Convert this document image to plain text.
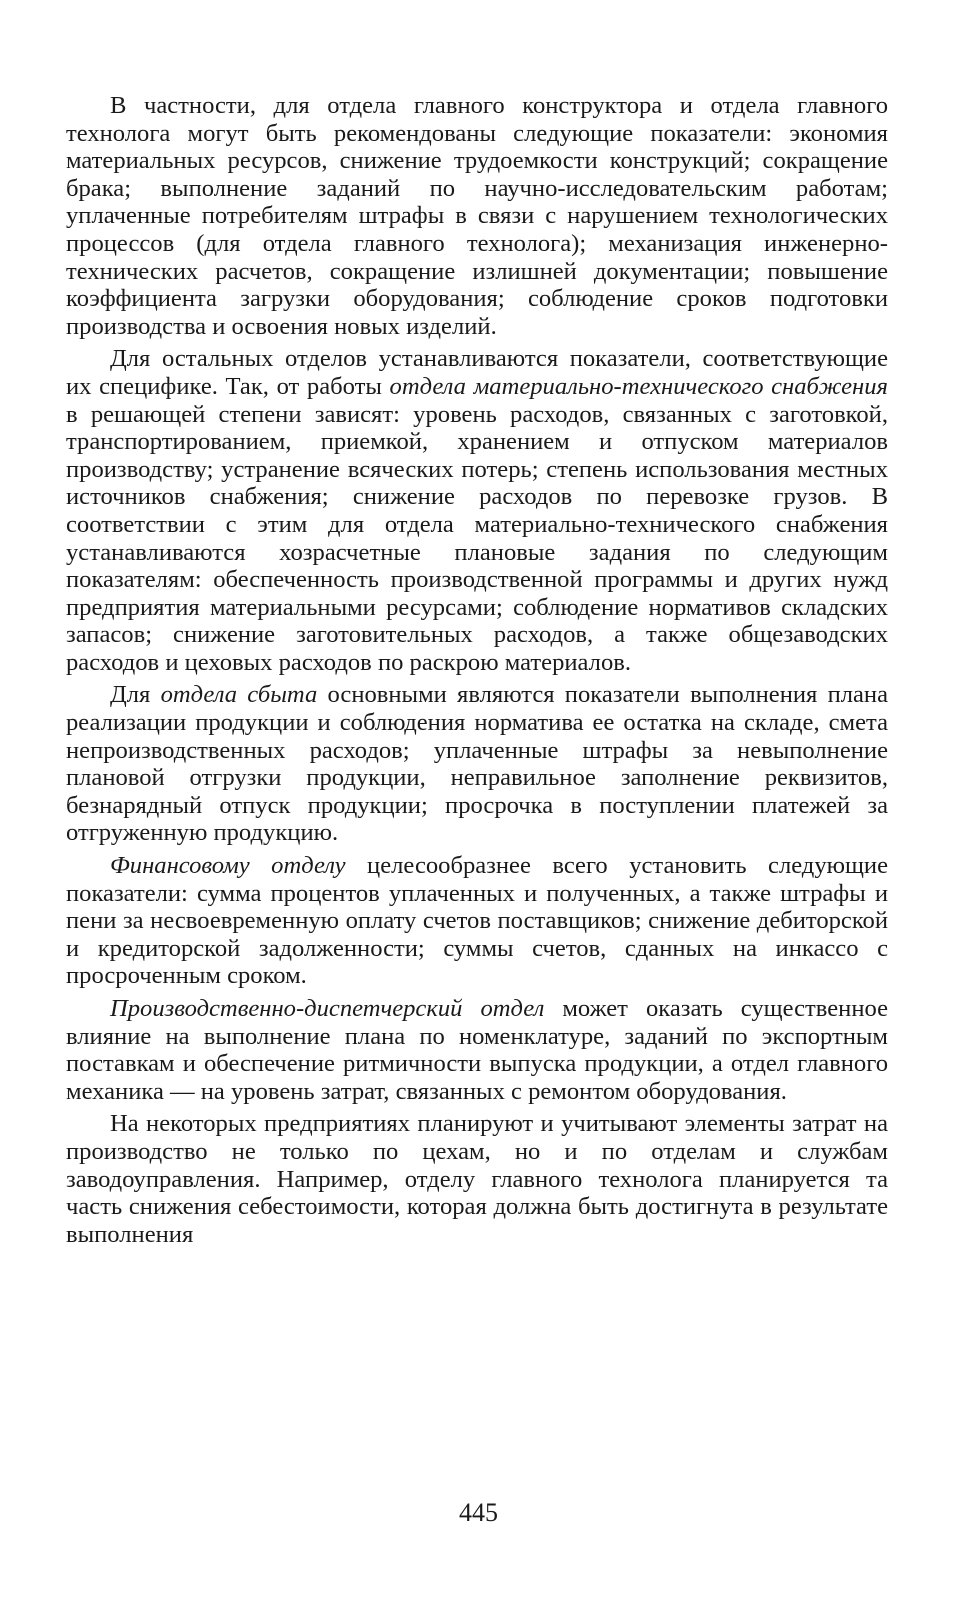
В частности, для отдела главного конструктора и отдела главного технолога могут быть рекомендованы следующие показатели: экономия материальных ресурсов, снижение трудоемкости конструкций; сокращение брака; выполнение заданий по научно-исследовательским работам; уплаченные потребителям штрафы в связи с нарушением технологических процессов (для отдела главного технолога); механизация инженерно-технических расчетов, сокращение излишней документации; повышение коэффициента загрузки оборудования; соблюдение сроков подготовки производства и освоения новых изделий.

Для остальных отделов устанавливаются показатели, соответствующие их специфике. Так, от работы отдела материально-технического снабжения в решающей степени зависят: уровень расходов, связанных с заготовкой, транспортированием, приемкой, хранением и отпуском материалов производству; устранение всяческих потерь; степень использования местных источников снабжения; снижение расходов по перевозке грузов. В соответствии с этим для отдела материально-технического снабжения устанавливаются хозрасчетные плановые задания по следующим показателям: обеспеченность производственной программы и других нужд предприятия материальными ресурсами; соблюдение нормативов складских запасов; снижение заготовительных расходов, а также общезаводских расходов и цеховых расходов по раскрою материалов.

Для отдела сбыта основными являются показатели выполнения плана реализации продукции и соблюдения норматива ее остатка на складе, смета непроизводственных расходов; уплаченные штрафы за невыполнение плановой отгрузки продукции, неправильное заполнение реквизитов, безнарядный отпуск продукции; просрочка в поступлении платежей за отгруженную продукцию.

Финансовому отделу целесообразнее всего установить следующие показатели: сумма процентов уплаченных и полученных, а также штрафы и пени за несвоевременную оплату счетов поставщиков; снижение дебиторской и кредиторской задолженности; суммы счетов, сданных на инкассо с просроченным сроком.

Производственно-диспетчерский отдел может оказать существенное влияние на выполнение плана по номенклатуре, заданий по экспортным поставкам и обеспечение ритмичности выпуска продукции, а отдел главного механика — на уровень затрат, связанных с ремонтом оборудования.

На некоторых предприятиях планируют и учитывают элементы затрат на производство не только по цехам, но и по отделам и службам заводоуправления. Например, отделу главного технолога планируется та часть снижения себестоимости, которая должна быть достигнута в результате выполнения

445
